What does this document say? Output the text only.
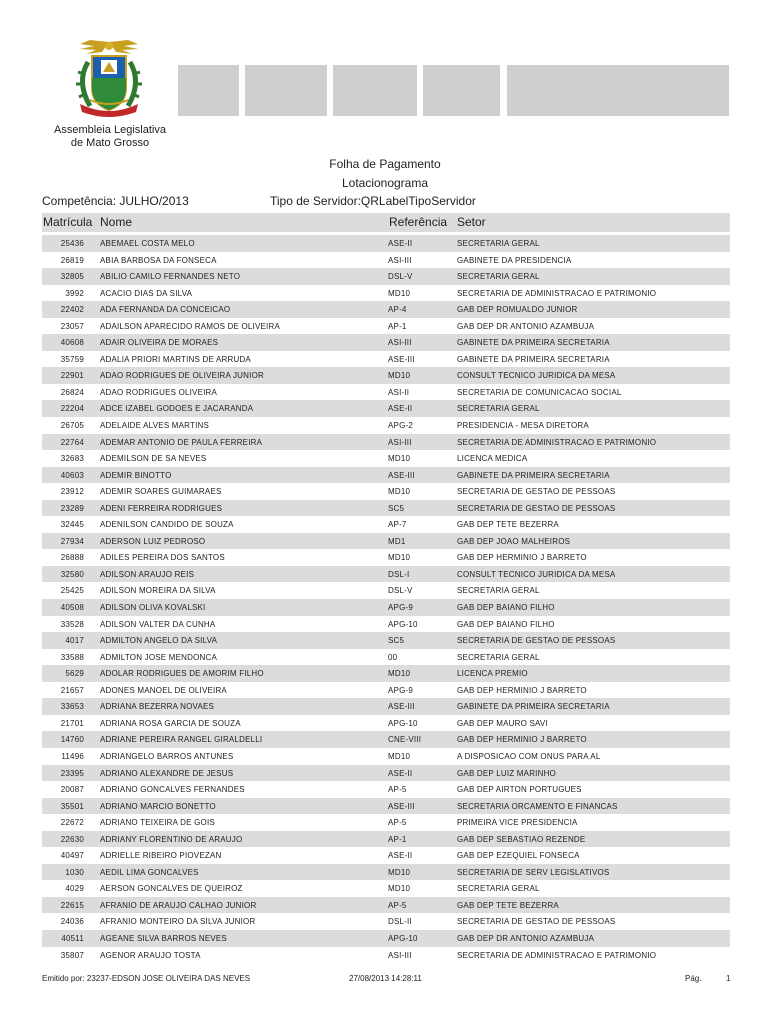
Assembleia Legislativa
de Mato Grosso
Folha de Pagamento
Lotacionograma
Competência: JULHO/2013	Tipo de Servidor:QRLabelTipoServidor
Matrícula Nome	Referência Setor
25436 ABEMAEL COSTA MELO	ASE-II	SECRETARIA GERAL
26819 ABIA BARBOSA DA FONSECA	ASI-III	GABINETE DA PRESIDENCIA
32805 ABILIO CAMILO FERNANDES NETO	DSL-V	SECRETARIA GERAL
3992 ACACIO DIAS DA SILVA	MD10	SECRETARIA DE ADMINISTRACAO E PATRIMONIO
22402 ADA FERNANDA DA CONCEICAO	AP-4	GAB DEP ROMUALDO JUNIOR
23057 ADAILSON APARECIDO RAMOS DE OLIVEIRA	AP-1	GAB DEP DR ANTONIO AZAMBUJA
40608 ADAIR OLIVEIRA DE MORAES	ASI-III	GABINETE DA PRIMEIRA SECRETARIA
35759 ADALIA PRIORI MARTINS DE ARRUDA	ASE-III	GABINETE DA PRIMEIRA SECRETARIA
22901 ADAO RODRIGUES DE OLIVEIRA JUNIOR	MD10	CONSULT TECNICO JURIDICA DA MESA
26824 ADAO RODRIGUES OLIVEIRA	ASI-II	SECRETARIA DE COMUNICACAO SOCIAL
22204 ADCE IZABEL GODOES E JACARANDA	ASE-II	SECRETARIA GERAL
26705 ADELAIDE ALVES MARTINS	APG-2	PRESIDENCIA - MESA DIRETORA
22764 ADEMAR ANTONIO DE PAULA FERREIRA	ASI-III	SECRETARIA DE ADMINISTRACAO E PATRIMONIO
32683 ADEMILSON DE SA NEVES	MD10	LICENCA MEDICA
40603 ADEMIR BINOTTO	ASE-III	GABINETE DA PRIMEIRA SECRETARIA
23912 ADEMIR SOARES GUIMARAES	MD10	SECRETARIA DE GESTAO DE PESSOAS
23289 ADENI FERREIRA RODRIGUES	SC5	SECRETARIA DE GESTAO DE PESSOAS
32445 ADENILSON CANDIDO DE SOUZA	AP-7	GAB DEP TETE BEZERRA
27934 ADERSON LUIZ PEDROSO	MD1	GAB DEP JOAO MALHEIROS
26888 ADILES PEREIRA DOS SANTOS	MD10	GAB DEP HERMINIO J BARRETO
32580 ADILSON ARAUJO REIS	DSL-I	CONSULT TECNICO JURIDICA DA MESA
25425 ADILSON MOREIRA DA SILVA	DSL-V	SECRETARIA GERAL
40508 ADILSON OLIVA KOVALSKI	APG-9	GAB DEP BAIANO FILHO
33528 ADILSON VALTER DA CUNHA	APG-10	GAB DEP BAIANO FILHO
4017 ADMILTON ANGELO DA SILVA	SC5	SECRETARIA DE GESTAO DE PESSOAS
33588 ADMILTON JOSE MENDONCA	00	SECRETARIA GERAL
5629 ADOLAR RODRIGUES DE AMORIM FILHO	MD10	LICENCA PREMIO
21657 ADONES MANOEL DE OLIVEIRA	APG-9	GAB DEP HERMINIO J BARRETO
33653 ADRIANA BEZERRA NOVAES	ASE-III	GABINETE DA PRIMEIRA SECRETARIA
21701 ADRIANA ROSA GARCIA DE SOUZA	APG-10	GAB DEP MAURO SAVI
14760 ADRIANE PEREIRA RANGEL GIRALDELLI	CNE-VIII	GAB DEP HERMINIO J BARRETO
11496 ADRIANGELO BARROS ANTUNES	MD10	A DISPOSICAO COM ONUS PARA AL
23395 ADRIANO ALEXANDRE DE JESUS	ASE-II	GAB DEP LUIZ MARINHO
20087 ADRIANO GONCALVES FERNANDES	AP-5	GAB DEP AIRTON PORTUGUES
35501 ADRIANO MARCIO BONETTO	ASE-III	SECRETARIA ORCAMENTO E FINANCAS
22672 ADRIANO TEIXEIRA DE GOIS	AP-5	PRIMEIRA VICE PRESIDENCIA
22630 ADRIANY FLORENTINO DE ARAUJO	AP-1	GAB DEP SEBASTIAO REZENDE
40497 ADRIELLE RIBEIRO PIOVEZAN	ASE-II	GAB DEP EZEQUIEL FONSECA
1030 AEDIL LIMA GONCALVES	MD10	SECRETARIA DE SERV LEGISLATIVOS
4029 AERSON GONCALVES DE QUEIROZ	MD10	SECRETARIA GERAL
22615 AFRANIO DE ARAUJO CALHAO JUNIOR	AP-5	GAB DEP TETE BEZERRA
24036 AFRANIO MONTEIRO DA SILVA JUNIOR	DSL-II	SECRETARIA DE GESTAO DE PESSOAS
40511 AGEANE SILVA BARROS NEVES	APG-10	GAB DEP DR ANTONIO AZAMBUJA
35807 AGENOR ARAUJO TOSTA	ASI-III	SECRETARIA DE ADMINISTRACAO E PATRIMONIO
Emitido por: 23237-EDSON JOSE OLIVEIRA DAS NEVES	27/08/2013 14:28:11	Pág.	1
